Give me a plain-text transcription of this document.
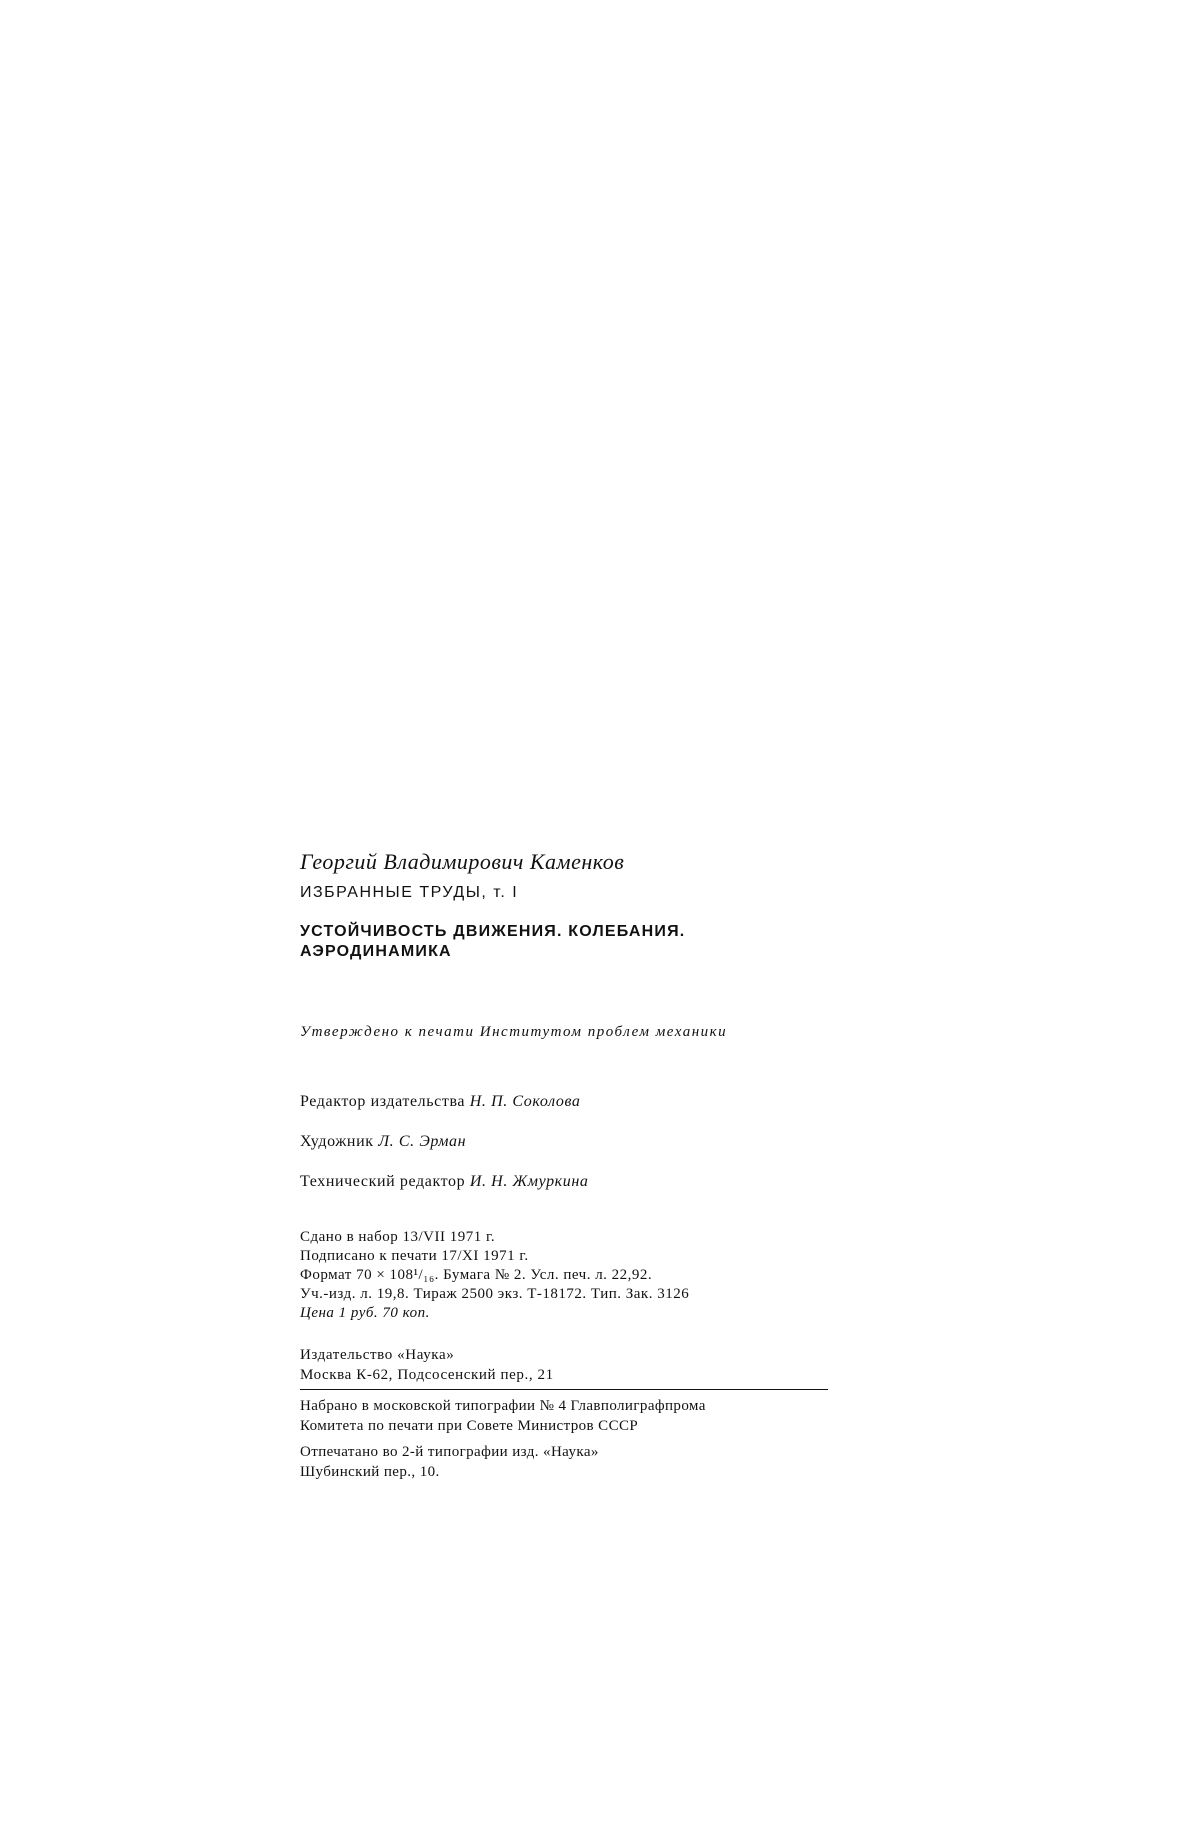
Георгий Владимирович Каменков

ИЗБРАННЫЕ ТРУДЫ, т. I

УСТОЙЧИВОСТЬ ДВИЖЕНИЯ. КОЛЕБАНИЯ.
АЭРОДИНАМИКА

Утверждено к печати Институтом проблем механики

Редактор издательства Н. П. Соколова

Художник Л. С. Эрман

Технический редактор И. Н. Жмуркина

Сдано в набор 13/VII 1971 г.

Подписано к печати 17/XI 1971 г.

Формат 70 × 108¹/₁₆. Бумага № 2. Усл. печ. л. 22,92.

Уч.-изд. л. 19,8. Тираж 2500 экз. Т-18172. Тип. Зак. 3126

Цена 1 руб. 70 коп.

Издательство «Наука»

Москва К-62, Подсосенский пер., 21

Набрано в московской типографии № 4 Главполиграфпрома

Комитета по печати при Совете Министров СССР

Отпечатано во 2-й типографии изд. «Наука»

Шубинский пер., 10.
